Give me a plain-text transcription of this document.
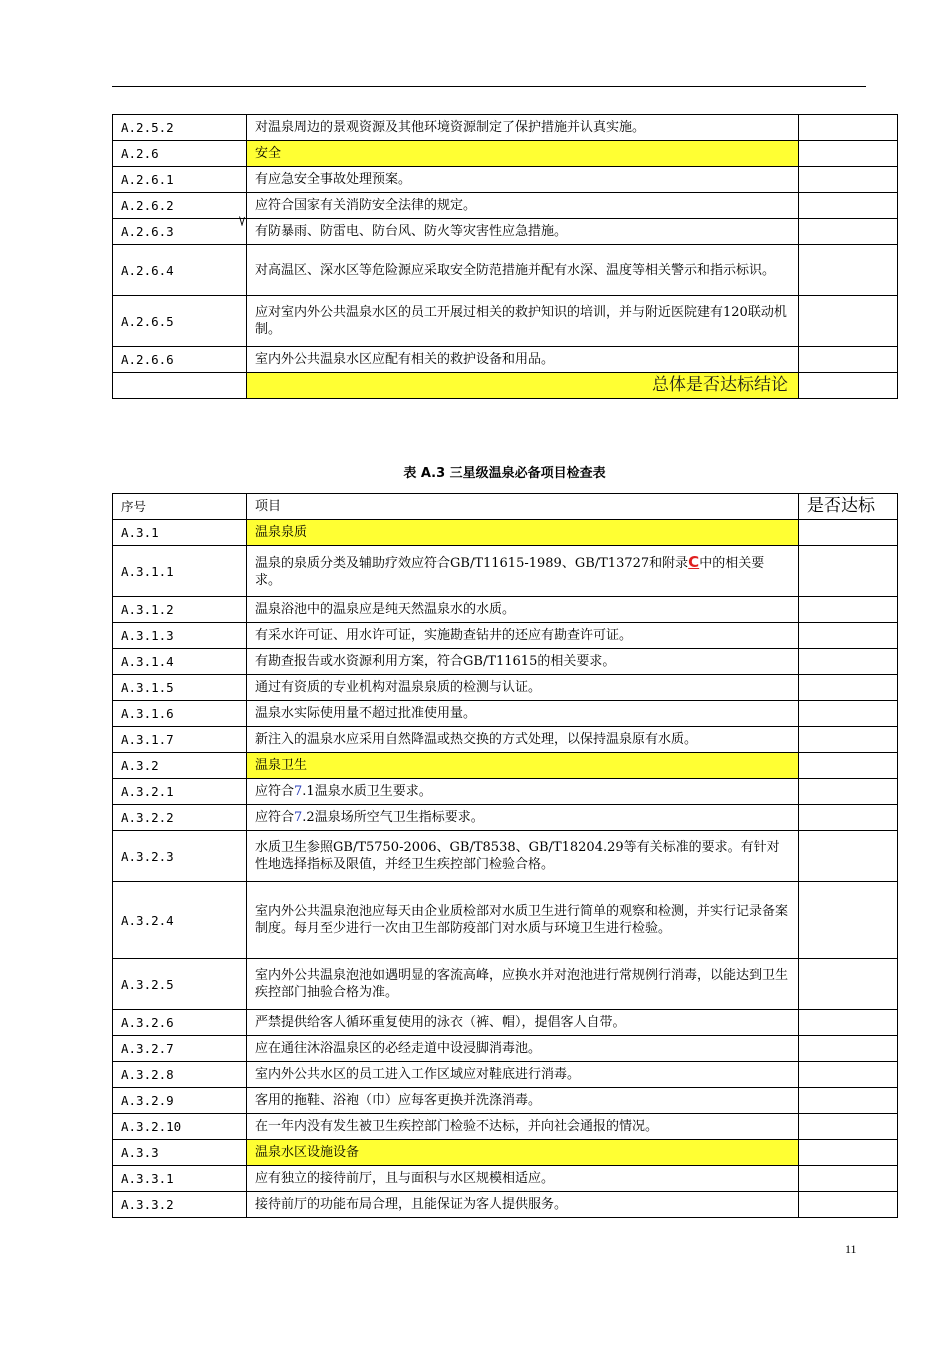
A.2.5.2	对温泉周边的景观资源及其他环境资源制定了保护措施并认真实施。	
A.2.6	安全	
A.2.6.1	有应急安全事故处理预案。	
A.2.6.2	应符合国家有关消防安全法律的规定。	
A.2.6.3	有防暴雨、防雷电、防台风、防火等灾害性应急措施。	
A.2.6.4	对高温区、深水区等危险源应采取安全防范措施并配有水深、温度等相关警示和指示标识。	
A.2.6.5	应对室内外公共温泉水区的员工开展过相关的救护知识的培训，并与附近医院建有120联动机制。	
A.2.6.6	室内外公共温泉水区应配有相关的救护设备和用品。	
	总体是否达标结论	
表 A.3 三星级温泉必备项目检查表
序号	项目	是否达标
A.3.1	温泉泉质	
A.3.1.1	温泉的泉质分类及辅助疗效应符合GB/T11615-1989、GB/T13727和附录C中的相关要求。	
A.3.1.2	温泉浴池中的温泉应是纯天然温泉水的水质。	
A.3.1.3	有采水许可证、用水许可证，实施勘查钻井的还应有勘查许可证。	
A.3.1.4	有勘查报告或水资源利用方案，符合GB/T11615的相关要求。	
A.3.1.5	通过有资质的专业机构对温泉泉质的检测与认证。	
A.3.1.6	温泉水实际使用量不超过批准使用量。	
A.3.1.7	新注入的温泉水应采用自然降温或热交换的方式处理，以保持温泉原有水质。	
A.3.2	温泉卫生	
A.3.2.1	应符合7.1温泉水质卫生要求。	
A.3.2.2	应符合7.2温泉场所空气卫生指标要求。	
A.3.2.3	水质卫生参照GB/T5750-2006、GB/T8538、GB/T18204.29等有关标准的要求。有针对性地选择指标及限值，并经卫生疾控部门检验合格。	
A.3.2.4	室内外公共温泉泡池应每天由企业质检部对水质卫生进行简单的观察和检测，并实行记录备案制度。每月至少进行一次由卫生部防疫部门对水质与环境卫生进行检验。	
A.3.2.5	室内外公共温泉泡池如遇明显的客流高峰，应换水并对泡池进行常规例行消毒，以能达到卫生疾控部门抽验合格为准。	
A.3.2.6	严禁提供给客人循环重复使用的泳衣（裤、帽），提倡客人自带。	
A.3.2.7	应在通往沐浴温泉区的必经走道中设浸脚消毒池。	
A.3.2.8	室内外公共水区的员工进入工作区域应对鞋底进行消毒。	
A.3.2.9	客用的拖鞋、浴袍（巾）应每客更换并洗涤消毒。	
A.3.2.10	在一年内没有发生被卫生疾控部门检验不达标，并向社会通报的情况。	
A.3.3	温泉水区设施设备	
A.3.3.1	应有独立的接待前厅，且与面积与水区规模相适应。	
A.3.3.2	接待前厅的功能布局合理，且能保证为客人提供服务。	
11
